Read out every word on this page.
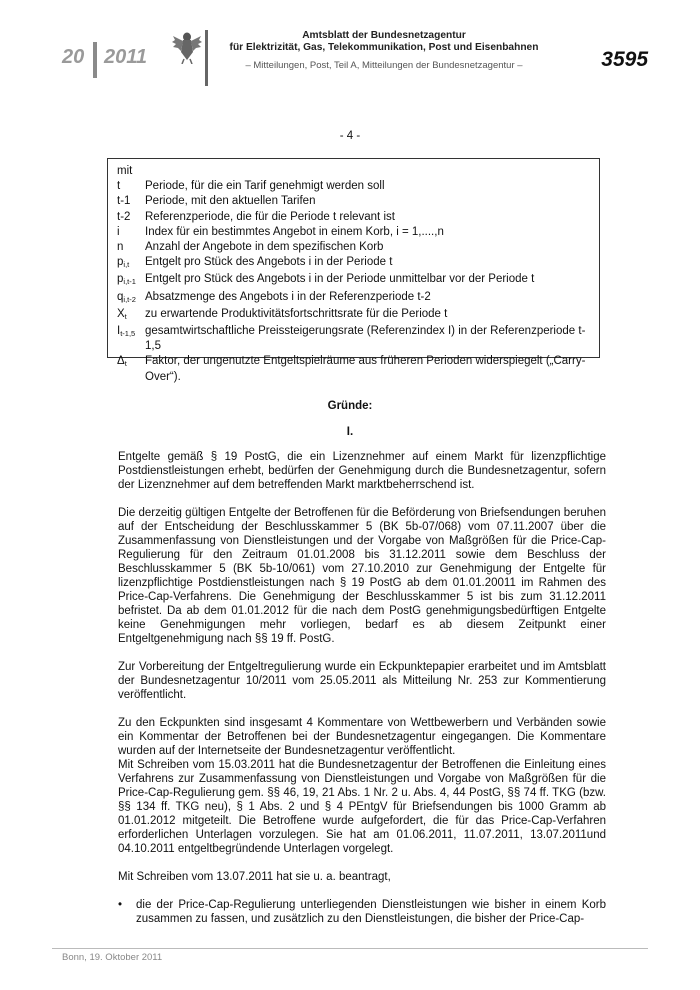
20 2011
Amtsblatt der Bundesnetzagentur
für Elektrizität, Gas, Telekommunikation, Post und Eisenbahnen
– Mitteilungen, Post, Teil A, Mitteilungen der Bundesnetzagentur –	3595
- 4 -
mit
t	Periode, für die ein Tarif genehmigt werden soll
t-1	Periode, mit den aktuellen Tarifen
t-2	Referenzperiode, die für die Periode t relevant ist
i	Index für ein bestimmtes Angebot in einem Korb, i = 1,....,n
n	Anzahl der Angebote in dem spezifischen Korb
$p_{i,t}$	Entgelt pro Stück des Angebots i in der Periode t
$p_{i,t-1}$ Entgelt pro Stück des Angebots i in der Periode unmittelbar vor der Periode t
$q_{i,t-2}$ Absatzmenge des Angebots i in der Referenzperiode t-2
$X_t$	zu erwartende Produktivitätsfortschrittsrate für die Periode t
$I_{t-1,5}$ gesamtwirtschaftliche Preissteigerungsrate (Referenzindex I) in der Referenzperiode t-1,5
$\Delta_t$	Faktor, der ungenutzte Entgeltspielräume aus früheren Perioden widerspiegelt („Carry-Over“).
Gründe:
I.

Entgelte gemäß § 19 PostG, die ein Lizenznehmer auf einem Markt für lizenzpflichtige Postdienstleistungen erhebt, bedürfen der Genehmigung durch die Bundesnetzagentur, sofern der Lizenznehmer auf dem betreffenden Markt marktbeherrschend ist.

Die derzeitig gültigen Entgelte der Betroffenen für die Beförderung von Briefsendungen beruhen auf der Entscheidung der Beschlusskammer 5 (BK 5b-07/068) vom 07.11.2007 über die Zusammenfassung von Dienstleistungen und der Vorgabe von Maßgrößen für die Price-Cap-Regulierung für den Zeitraum 01.01.2008 bis 31.12.2011 sowie dem Beschluss der Beschlusskammer 5 (BK 5b-10/061) vom 27.10.2010 zur Genehmigung der Entgelte für lizenzpflichtige Postdienstleistungen nach § 19 PostG ab dem 01.01.20011 im Rahmen des Price-Cap-Verfahrens. Die Genehmigung der Beschlusskammer 5 ist bis zum 31.12.2011 befristet. Da ab dem 01.01.2012 für die nach dem PostG genehmigungsbedürftigen Entgelte keine Genehmigungen mehr vorliegen, bedarf es ab diesem Zeitpunkt einer Entgeltgenehmigung nach §§ 19 ff. PostG.

Zur Vorbereitung der Entgeltregulierung wurde ein Eckpunktepapier erarbeitet und im Amtsblatt der Bundesnetzagentur 10/2011 vom 25.05.2011 als Mitteilung Nr. 253 zur Kommentierung veröffentlicht.

Zu den Eckpunkten sind insgesamt 4 Kommentare von Wettbewerbern und Verbänden sowie ein Kommentar der Betroffenen bei der Bundesnetzagentur eingegangen. Die Kommentare wurden auf der Internetseite der Bundesnetzagentur veröffentlicht.
Mit Schreiben vom 15.03.2011 hat die Bundesnetzagentur der Betroffenen die Einleitung eines Verfahrens zur Zusammenfassung von Dienstleistungen und Vorgabe von Maßgrößen für die Price-Cap-Regulierung gem. §§ 46, 19, 21 Abs. 1 Nr. 2 u. Abs. 4, 44 PostG, §§ 74 ff. TKG (bzw. §§ 134 ff. TKG neu), § 1 Abs. 2 und § 4 PEntgV für Briefsendungen bis 1000 Gramm ab 01.01.2012 mitgeteilt. Die Betroffene wurde aufgefordert, die für das Price-Cap-Verfahren erforderlichen Unterlagen vorzulegen. Sie hat am 01.06.2011, 11.07.2011, 13.07.2011und 04.10.2011 entgeltbegründende Unterlagen vorgelegt.

Mit Schreiben vom 13.07.2011 hat sie u. a. beantragt,

•	die der Price-Cap-Regulierung unterliegenden Dienstleistungen wie bisher in einem Korb zusammen zu fassen, und zusätzlich zu den Dienstleistungen, die bisher der Price-Cap-
Bonn, 19. Oktober 2011
